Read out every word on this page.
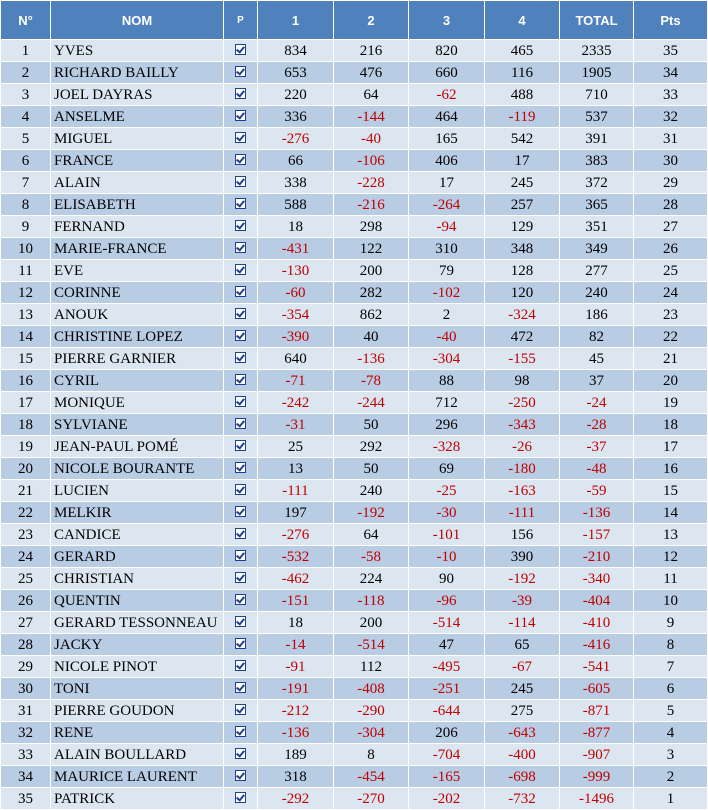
N°	NOM	P	1	2	3	4	TOTAL	Pts
1	YVES		834	216	820	465	2335	35
2	RICHARD BAILLY		653	476	660	116	1905	34
3	JOEL DAYRAS		220	64	-62	488	710	33
4	ANSELME		336	-144	464	-119	537	32
5	MIGUEL		-276	-40	165	542	391	31
6	FRANCE		66	-106	406	17	383	30
7	ALAIN		338	-228	17	245	372	29
8	ELISABETH		588	-216	-264	257	365	28
9	FERNAND		18	298	-94	129	351	27
10	MARIE-FRANCE		-431	122	310	348	349	26
11	EVE		-130	200	79	128	277	25
12	CORINNE		-60	282	-102	120	240	24
13	ANOUK		-354	862	2	-324	186	23
14	CHRISTINE LOPEZ		-390	40	-40	472	82	22
15	PIERRE GARNIER		640	-136	-304	-155	45	21
16	CYRIL		-71	-78	88	98	37	20
17	MONIQUE		-242	-244	712	-250	-24	19
18	SYLVIANE		-31	50	296	-343	-28	18
19	JEAN-PAUL POMÉ		25	292	-328	-26	-37	17
20	NICOLE BOURANTE		13	50	69	-180	-48	16
21	LUCIEN		-111	240	-25	-163	-59	15
22	MELKIR		197	-192	-30	-111	-136	14
23	CANDICE		-276	64	-101	156	-157	13
24	GERARD		-532	-58	-10	390	-210	12
25	CHRISTIAN		-462	224	90	-192	-340	11
26	QUENTIN		-151	-118	-96	-39	-404	10
27	GERARD TESSONNEAU		18	200	-514	-114	-410	9
28	JACKY		-14	-514	47	65	-416	8
29	NICOLE PINOT		-91	112	-495	-67	-541	7
30	TONI		-191	-408	-251	245	-605	6
31	PIERRE GOUDON		-212	-290	-644	275	-871	5
32	RENE		-136	-304	206	-643	-877	4
33	ALAIN BOULLARD		189	8	-704	-400	-907	3
34	MAURICE LAURENT		318	-454	-165	-698	-999	2
35	PATRICK		-292	-270	-202	-732	-1496	1
